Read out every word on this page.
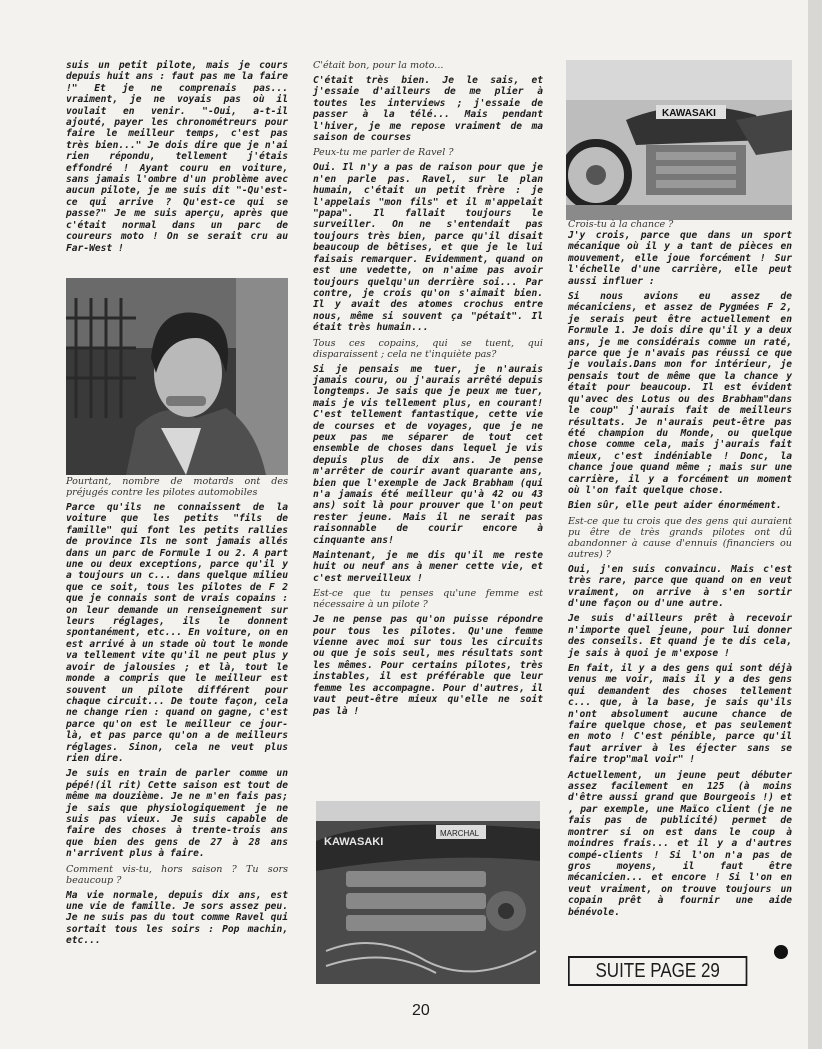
suis un petit pilote, mais je cours depuis huit ans : faut pas me la faire !" Et je ne comprenais pas... vraiment, je ne voyais pas où il voulait en venir. "-Oui, a-t-il ajouté, payer les chronométreurs pour faire le meilleur temps, c'est pas très bien..." Je dois dire que je n'ai rien répondu, tellement j'étais effondré ! Ayant couru en voiture, sans jamais l'ombre d'un problème avec aucun pilote, je me suis dit "-Qu'est-ce qui arrive ? Qu'est-ce qui se passe?" Je me suis aperçu, après que c'était normal dans un parc de coureurs moto ! On se serait cru au Far-West !

Pourtant, nombre de motards ont des préjugés contre les pilotes automobiles

Parce qu'ils ne connaissent de la voiture que les petits "fils de famille" qui font les petits rallies de province Ils ne sont jamais allés dans un parc de Formule 1 ou 2. A part une ou deux exceptions, parce qu'il y a toujours un c... dans quelque milieu que ce soit, tous les pilotes de F 2 que je connais sont de vrais copains : on leur demande un renseignement sur leurs réglages, ils le donnent spontanément, etc... En voiture, on en est arrivé à un stade où tout le monde va tellement vite qu'il ne peut plus y avoir de jalousies ; et là, tout le monde a compris que le meilleur est souvent un pilote différent pour chaque circuit... De toute façon, cela ne change rien : quand on gagne, c'est parce qu'on est le meilleur ce jour-là, et pas parce qu'on a de meilleurs réglages. Sinon, cela ne veut plus rien dire.

Je suis en train de parler comme un pépé!(il rit) Cette saison est tout de même ma douzième. Je ne m'en fais pas; je sais que physiologiquement je ne suis pas vieux. Je suis capable de faire des choses à trente-trois ans que bien des gens de 27 à 28 ans n'arrivent plus à faire.

Comment vis-tu, hors saison ? Tu sors beaucoup ?

Ma vie normale, depuis dix ans, est une vie de famille. Je sors assez peu. Je ne suis pas du tout comme Ravel qui sortait tous les soirs : Pop machin, etc...

C'était bon, pour la moto...

C'était très bien. Je le sais, et j'essaie d'ailleurs de me plier à toutes les interviews ; j'essaie de passer à la télé... Mais pendant l'hiver, je me repose vraiment de ma saison de courses

Peux-tu me parler de Ravel ?

Oui. Il n'y a pas de raison pour que je n'en parle pas. Ravel, sur le plan humain, c'était un petit frère : je l'appelais "mon fils" et il m'appelait "papa". Il fallait toujours le surveiller. On ne s'entendait pas toujours très bien, parce qu'il disait beaucoup de bêtises, et que je le lui faisais remarquer. Evidemment, quand on est une vedette, on n'aime pas avoir toujours quelqu'un derrière soi... Par contre, je crois qu'on s'aimait bien. Il y avait des atomes crochus entre nous, même si souvent ça "pétait". Il était très humain...

Tous ces copains, qui se tuent, qui disparaissent ; cela ne t'inquiète pas?

Si je pensais me tuer, je n'aurais jamais couru, ou j'aurais arrêté depuis longtemps. Je sais que je peux me tuer, mais je vis tellement plus, en courant! C'est tellement fantastique, cette vie de courses et de voyages, que je ne peux pas me séparer de tout cet ensemble de choses dans lequel je vis depuis plus de dix ans. Je pense m'arrêter de courir avant quarante ans, bien que l'exemple de Jack Brabham (qui n'a jamais été meilleur qu'à 42 ou 43 ans) soit là pour prouver que l'on peut rester jeune. Mais il ne serait pas raisonnable de courir encore à cinquante ans!

Maintenant, je me dis qu'il me reste huit ou neuf ans à mener cette vie, et c'est merveilleux !

Est-ce que tu penses qu'une femme est nécessaire à un pilote ?

Je ne pense pas qu'on puisse répondre pour tous les pilotes. Qu'une femme vienne avec moi sur tous les circuits ou que je sois seul, mes résultats sont les mêmes. Pour certains pilotes, très instables, il est préférable que leur femme les accompagne. Pour d'autres, il vaut peut-être mieux qu'elle ne soit pas là !

KAWASAKI
MARCHAL
KAWASAKI

Crois-tu à la chance ?

J'y crois, parce que dans un sport mécanique où il y a tant de pièces en mouvement, elle joue forcément ! Sur l'échelle d'une carrière, elle peut aussi influer :

Si nous avions eu assez de mécaniciens, et assez de Pygmées F 2, je serais peut être actuellement en Formule 1. Je dois dire qu'il y a deux ans, je me considérais comme un raté, parce que je n'avais pas réussi ce que je voulais.Dans mon for intérieur, je pensais tout de même que la chance y était pour beaucoup. Il est évident qu'avec des Lotus ou des Brabham"dans le coup" j'aurais fait de meilleurs résultats. Je n'aurais peut-être pas été champion du Monde, ou quelque chose comme cela, mais j'aurais fait mieux, c'est indéniable ! Donc, la chance joue quand même ; mais sur une carrière, il y a forcément un moment où l'on fait quelque chose.

Bien sûr, elle peut aider énormément.

Est-ce que tu crois que des gens qui auraient pu être de très grands pilotes ont dû abandonner à cause d'ennuis (financiers ou autres) ?

Oui, j'en suis convaincu. Mais c'est très rare, parce que quand on en veut vraiment, on arrive à s'en sortir d'une façon ou d'une autre.

Je suis d'ailleurs prêt à recevoir n'importe quel jeune, pour lui donner des conseils. Et quand je te dis cela, je sais à quoi je m'expose !

En fait, il y a des gens qui sont déjà venus me voir, mais il y a des gens qui demandent des choses tellement c... que, à la base, je sais qu'ils n'ont absolument aucune chance de faire quelque chose, et pas seulement en moto ! C'est pénible, parce qu'il faut arriver à les éjecter sans se faire trop"mal voir" !

Actuellement, un jeune peut débuter assez facilement en 125 (à moins d'être aussi grand que Bourgeois !) et , par exemple, une Maïco client (je ne fais pas de publicité) permet de montrer si on est dans le coup à moindres frais... et il y a d'autres compé-clients ! Si l'on n'a pas de gros moyens, il faut être mécanicien... et encore ! Si l'on en veut vraiment, on trouve toujours un copain prêt à fournir une aide bénévole.

SUITE PAGE 29
20
